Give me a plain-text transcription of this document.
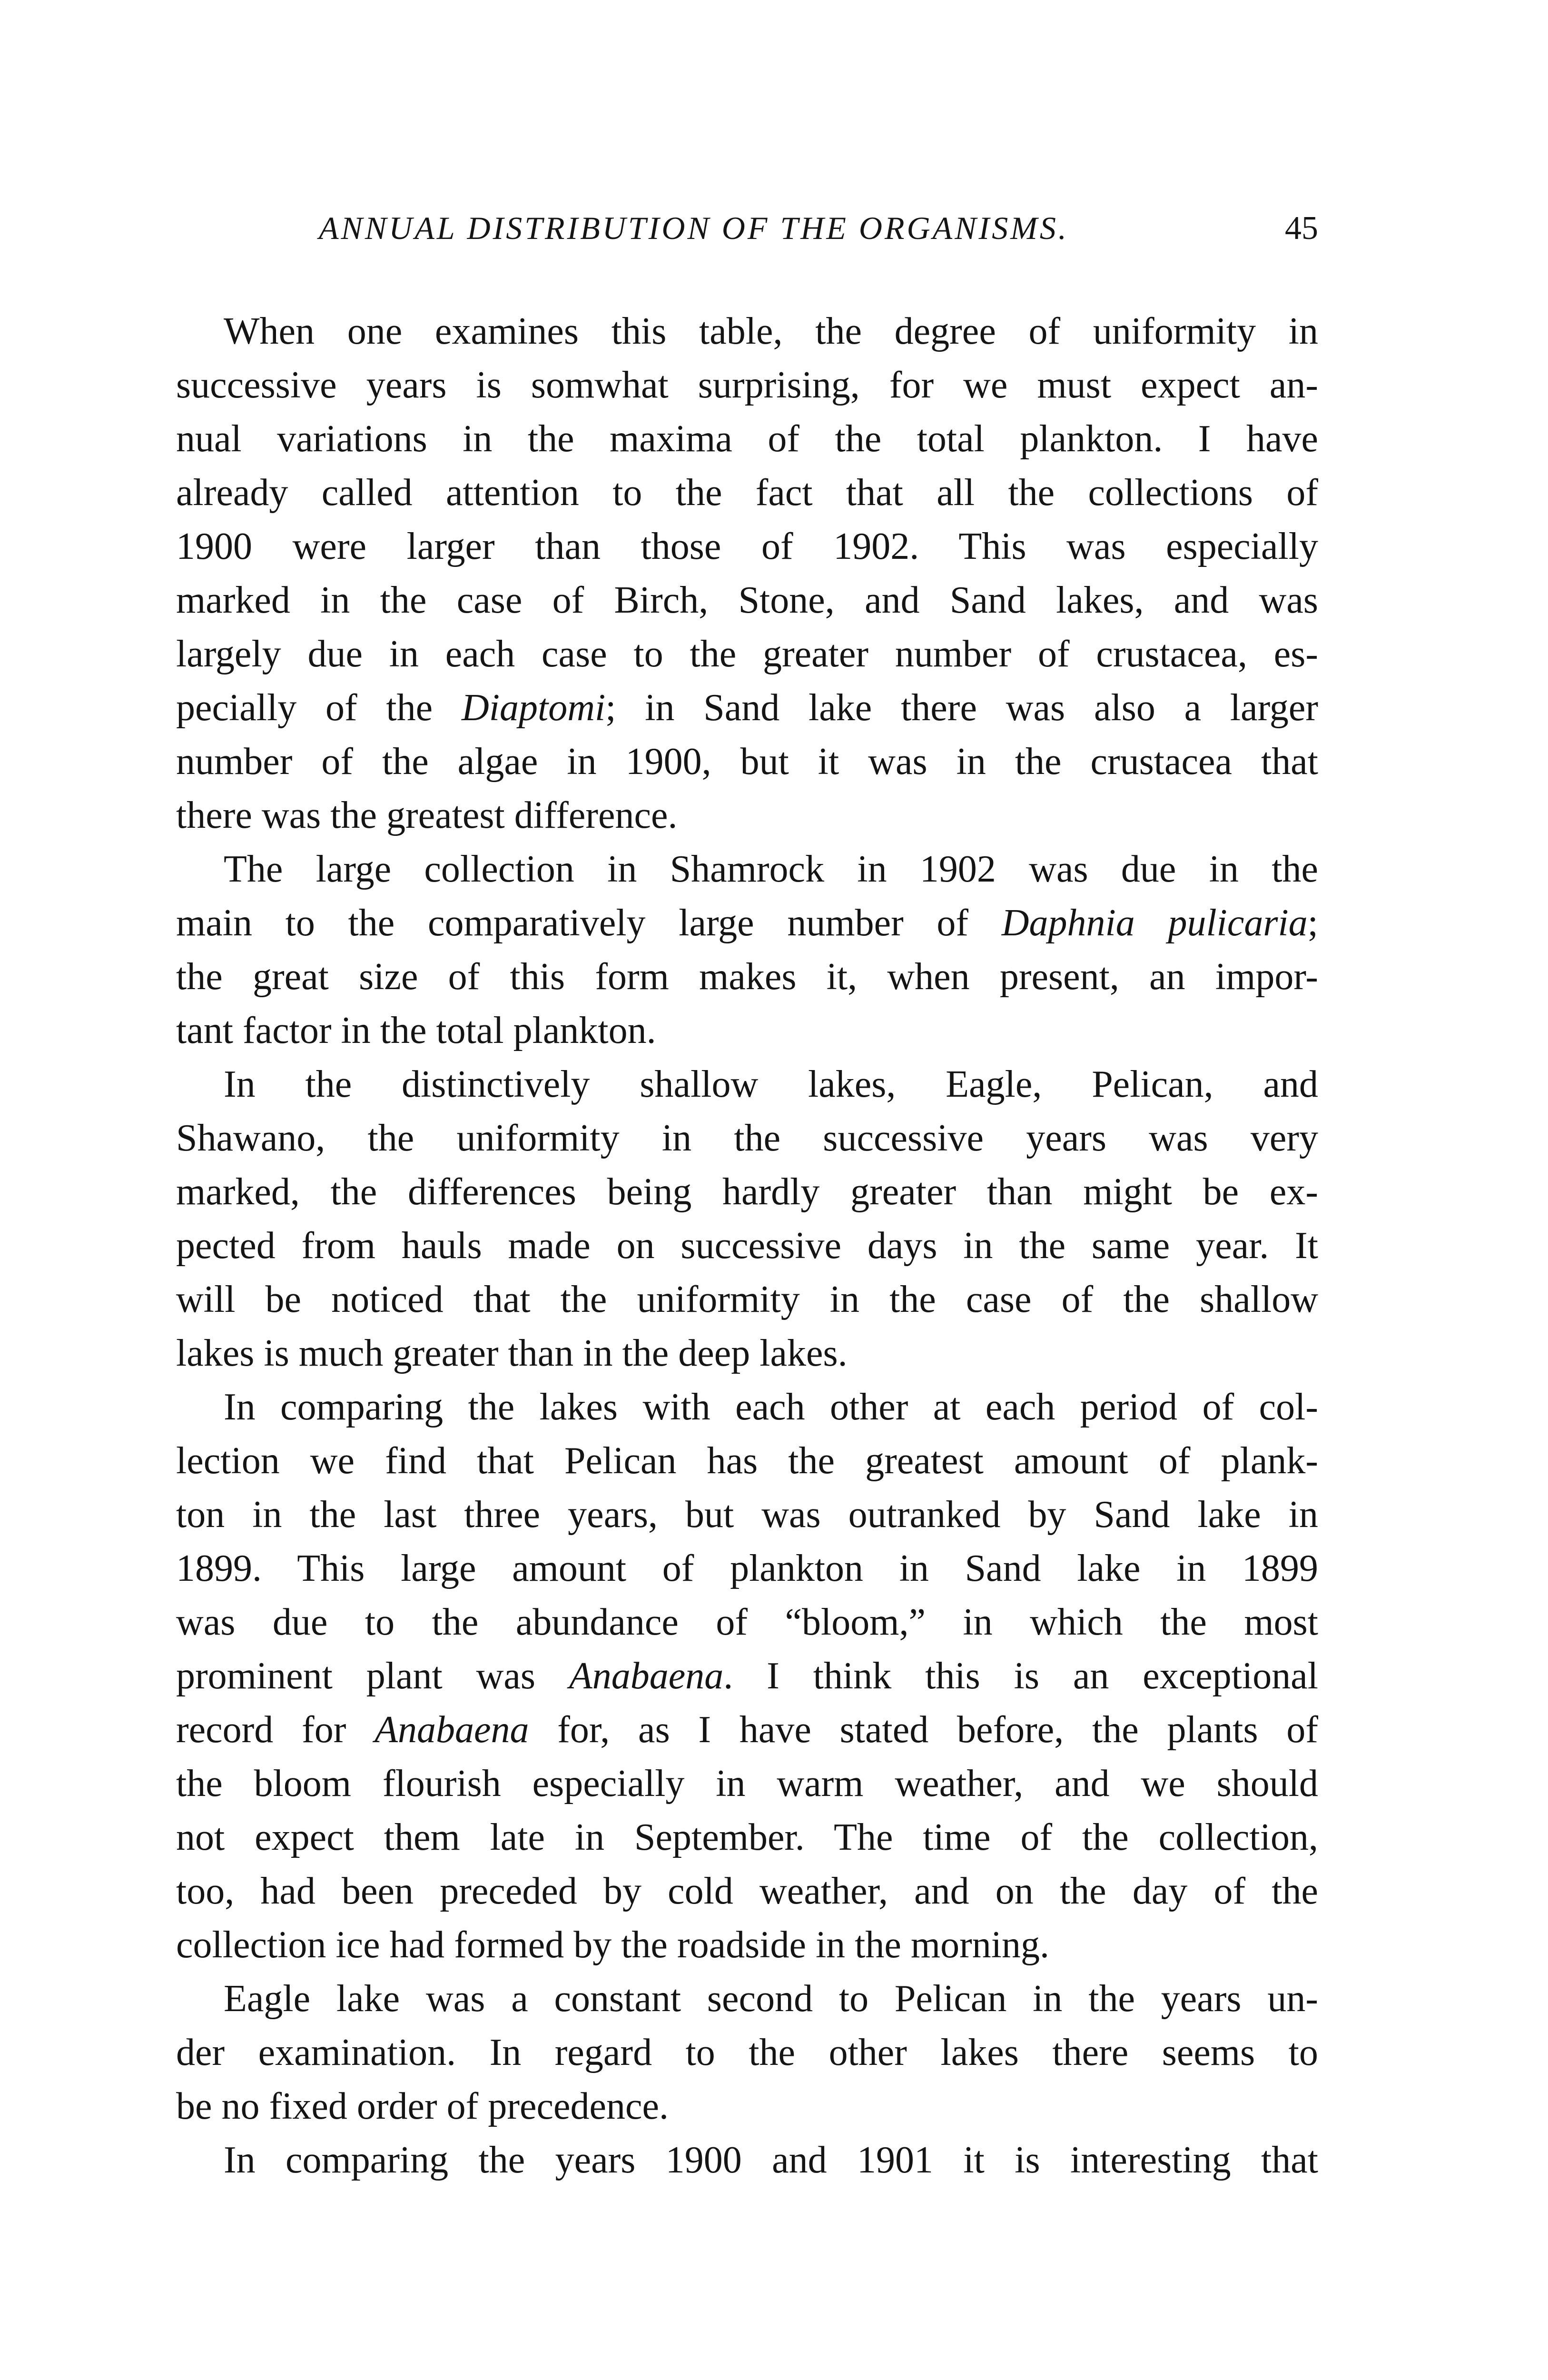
ANNUAL DISTRIBUTION OF THE ORGANISMS.	45

When one examines this table, the degree of uniformity in
successive years is somwhat surprising, for we must expect an-
nual variations in the maxima of the total plankton. I have
already called attention to the fact that all the collections of
1900 were larger than those of 1902. This was especially
marked in the case of Birch, Stone, and Sand lakes, and was
largely due in each case to the greater number of crustacea, es-
pecially of the Diaptomi; in Sand lake there was also a larger
number of the algae in 1900, but it was in the crustacea that
there was the greatest difference.

The large collection in Shamrock in 1902 was due in the
main to the comparatively large number of Daphnia pulicaria;
the great size of this form makes it, when present, an impor-
tant factor in the total plankton.

In the distinctively shallow lakes, Eagle, Pelican, and
Shawano, the uniformity in the successive years was very
marked, the differences being hardly greater than might be ex-
pected from hauls made on successive days in the same year. It
will be noticed that the uniformity in the case of the shallow
lakes is much greater than in the deep lakes.

In comparing the lakes with each other at each period of col-
lection we find that Pelican has the greatest amount of plank-
ton in the last three years, but was outranked by Sand lake in
1899. This large amount of plankton in Sand lake in 1899
was due to the abundance of “bloom,” in which the most
prominent plant was Anabaena. I think this is an exceptional
record for Anabaena for, as I have stated before, the plants of
the bloom flourish especially in warm weather, and we should
not expect them late in September. The time of the collection,
too, had been preceded by cold weather, and on the day of the
collection ice had formed by the roadside in the morning.

Eagle lake was a constant second to Pelican in the years un-
der examination. In regard to the other lakes there seems to
be no fixed order of precedence.

In comparing the years 1900 and 1901 it is interesting that
